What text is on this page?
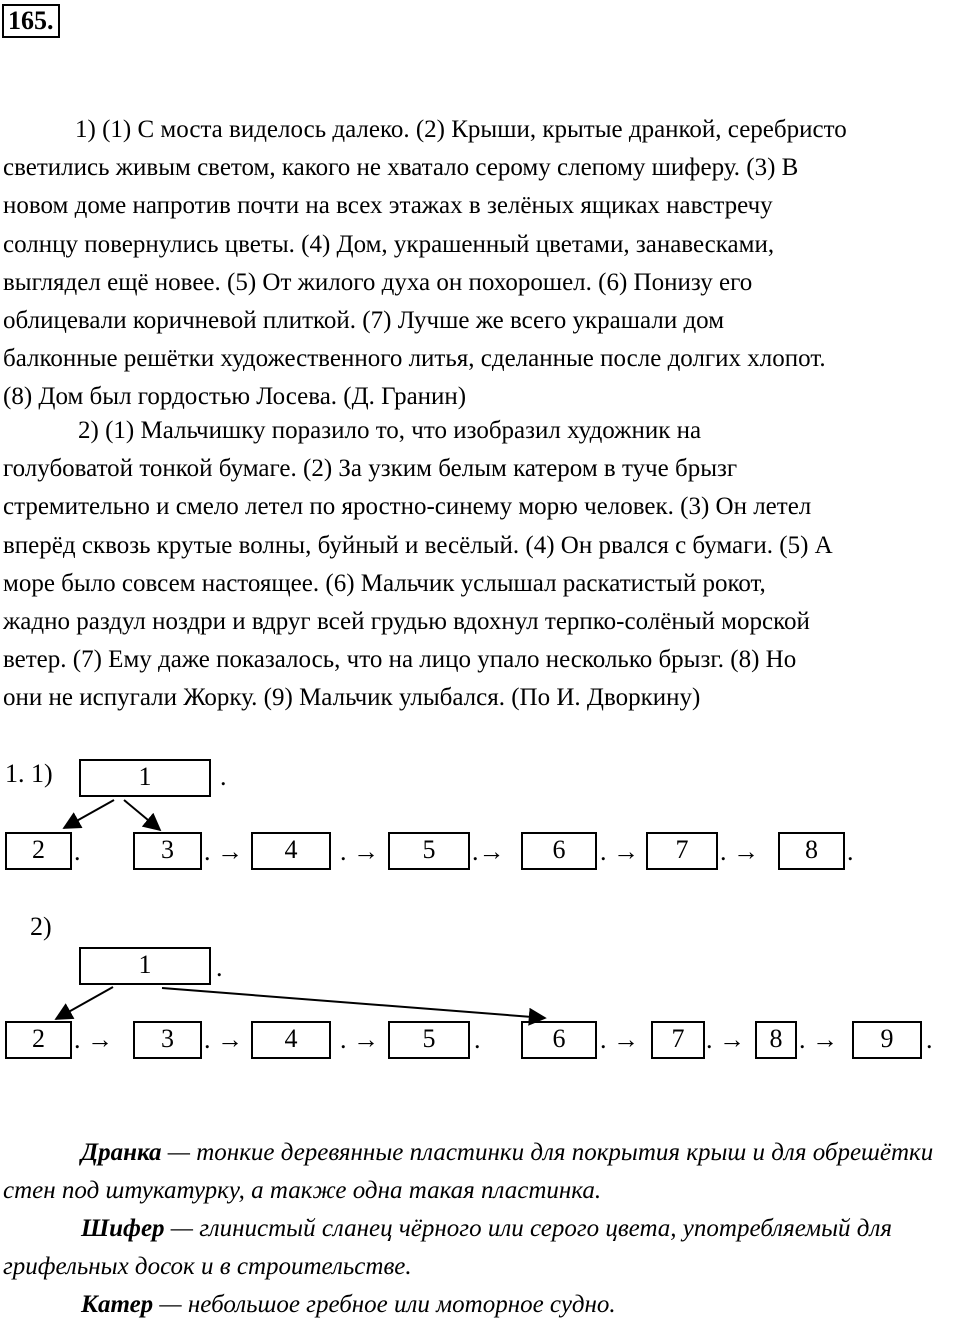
165.

1) (1) С моста виделось далеко. (2) Крыши, крытые дранкой, серебристо

светились живым светом, какого не хватало серому слепому шиферу. (3) В

новом доме напротив почти на всех этажах в зелёных ящиках навстречу

солнцу повернулись цветы. (4) Дом, украшенный цветами, занавесками,

выглядел ещё новее. (5) От жилого духа он похорошел. (6) Понизу его

облицевали коричневой плиткой. (7) Лучше же всего украшали дом

балконные решётки художественного литья, сделанные после долгих хлопот.

(8) Дом был гордостью Лосева. (Д. Гранин)

2) (1) Мальчишку поразило то, что изобразил художник на

голубоватой тонкой бумаге. (2) За узким белым катером в туче брызг

стремительно и смело летел по яростно-синему морю человек. (3) Он летел

вперёд сквозь крутые волны, буйный и весёлый. (4) Он рвался с бумаги. (5) А

море было совсем настоящее. (6) Мальчик услышал раскатистый рокот,

жадно раздул ноздри и вдруг всей грудью вдохнул терпко-солёный морской

ветер. (7) Ему даже показалось, что на лицо упало несколько брызг. (8) Но

они не испугали Жорку. (9) Мальчик улыбался. (По И. Дворкину)

1. 1)	1	.
2	.	3	. →	4	. →	5	.→	6	. →	7	. →	8	.
2)
1	.
2	. →	3	. →	4	. →	5	.	6	. →	7 . → 8 . →	9	.

Дранка — тонкие деревянные пластинки для покрытия крыш и для обрешётки стен под штукатурку, а также одна такая пластинка.

Шифер — глинистый сланец чёрного или серого цвета, употребляемый для грифельных досок и в строительстве.

Катер — небольшое гребное или моторное судно.
